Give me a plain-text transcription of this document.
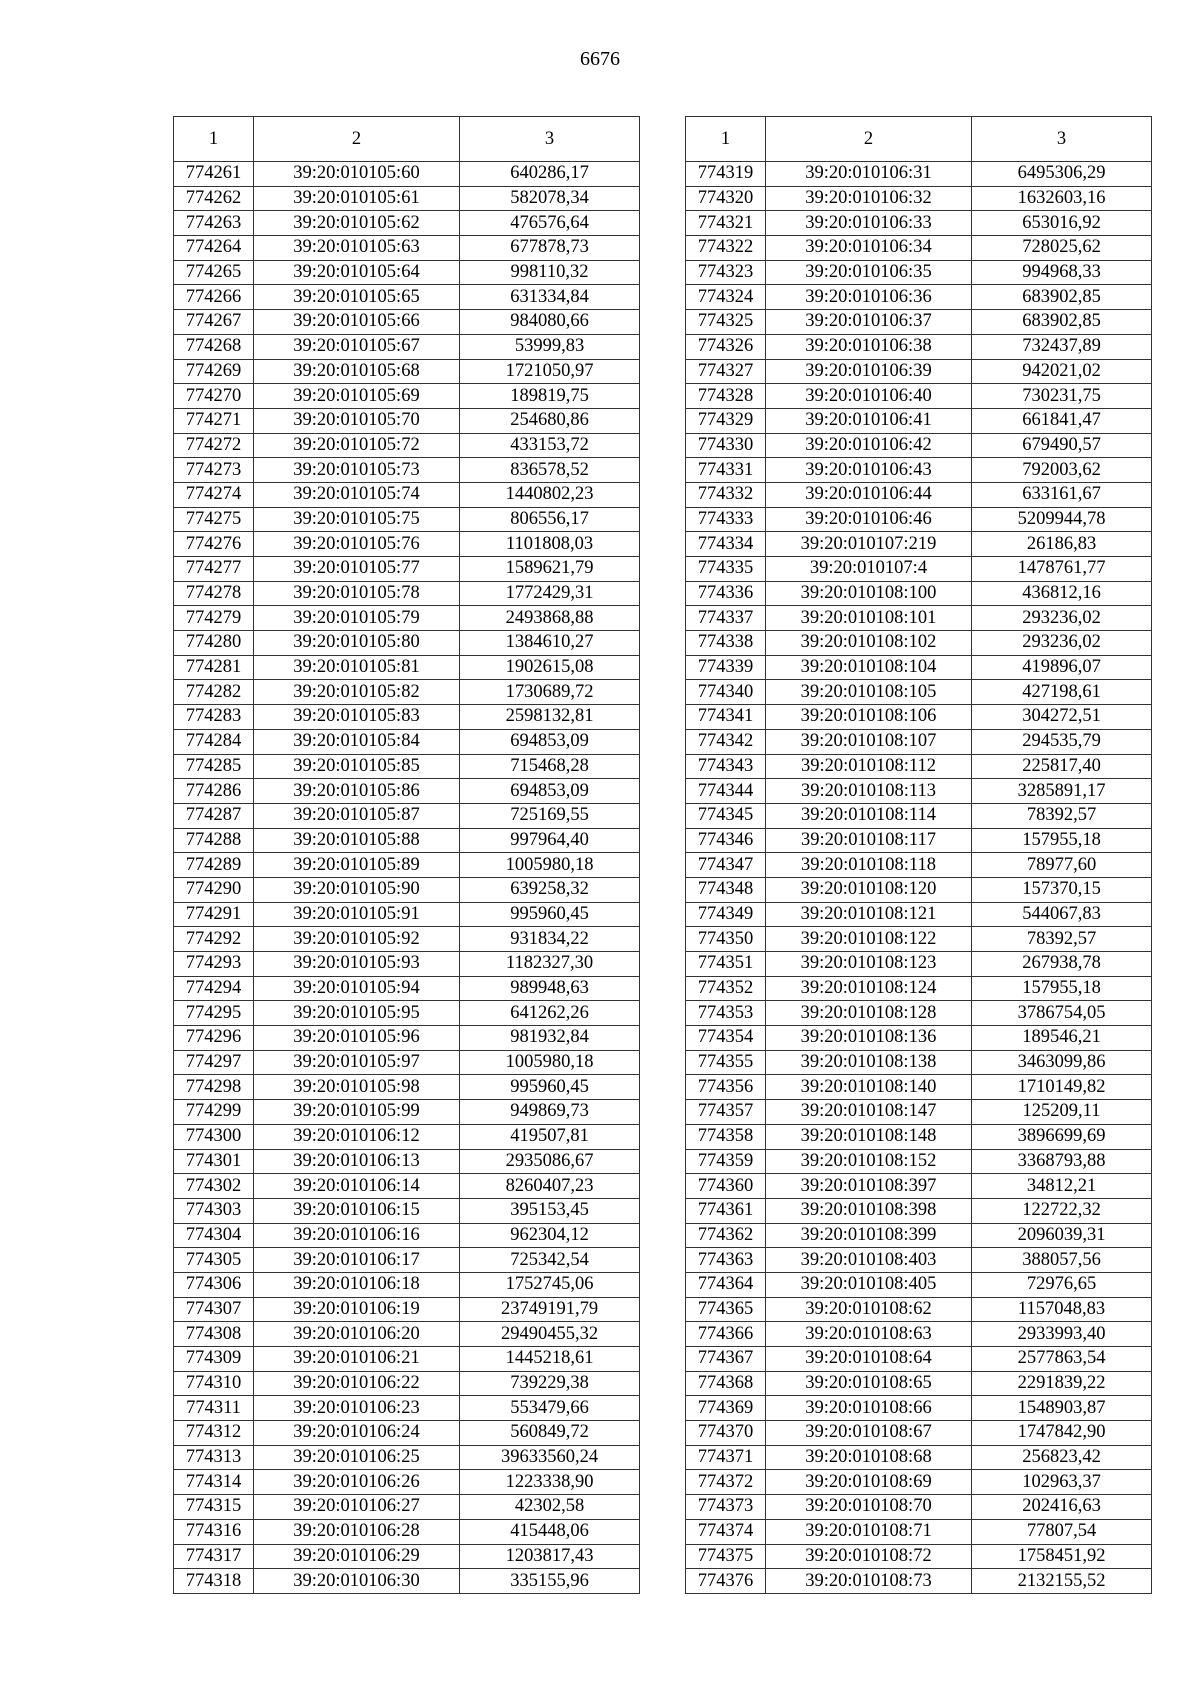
6676
1	2	3
774261	39:20:010105:60	640286,17
774262	39:20:010105:61	582078,34
774263	39:20:010105:62	476576,64
774264	39:20:010105:63	677878,73
774265	39:20:010105:64	998110,32
774266	39:20:010105:65	631334,84
774267	39:20:010105:66	984080,66
774268	39:20:010105:67	53999,83
774269	39:20:010105:68	1721050,97
774270	39:20:010105:69	189819,75
774271	39:20:010105:70	254680,86
774272	39:20:010105:72	433153,72
774273	39:20:010105:73	836578,52
774274	39:20:010105:74	1440802,23
774275	39:20:010105:75	806556,17
774276	39:20:010105:76	1101808,03
774277	39:20:010105:77	1589621,79
774278	39:20:010105:78	1772429,31
774279	39:20:010105:79	2493868,88
774280	39:20:010105:80	1384610,27
774281	39:20:010105:81	1902615,08
774282	39:20:010105:82	1730689,72
774283	39:20:010105:83	2598132,81
774284	39:20:010105:84	694853,09
774285	39:20:010105:85	715468,28
774286	39:20:010105:86	694853,09
774287	39:20:010105:87	725169,55
774288	39:20:010105:88	997964,40
774289	39:20:010105:89	1005980,18
774290	39:20:010105:90	639258,32
774291	39:20:010105:91	995960,45
774292	39:20:010105:92	931834,22
774293	39:20:010105:93	1182327,30
774294	39:20:010105:94	989948,63
774295	39:20:010105:95	641262,26
774296	39:20:010105:96	981932,84
774297	39:20:010105:97	1005980,18
774298	39:20:010105:98	995960,45
774299	39:20:010105:99	949869,73
774300	39:20:010106:12	419507,81
774301	39:20:010106:13	2935086,67
774302	39:20:010106:14	8260407,23
774303	39:20:010106:15	395153,45
774304	39:20:010106:16	962304,12
774305	39:20:010106:17	725342,54
774306	39:20:010106:18	1752745,06
774307	39:20:010106:19	23749191,79
774308	39:20:010106:20	29490455,32
774309	39:20:010106:21	1445218,61
774310	39:20:010106:22	739229,38
774311	39:20:010106:23	553479,66
774312	39:20:010106:24	560849,72
774313	39:20:010106:25	39633560,24
774314	39:20:010106:26	1223338,90
774315	39:20:010106:27	42302,58
774316	39:20:010106:28	415448,06
774317	39:20:010106:29	1203817,43
774318	39:20:010106:30	335155,96
1	2	3
774319	39:20:010106:31	6495306,29
774320	39:20:010106:32	1632603,16
774321	39:20:010106:33	653016,92
774322	39:20:010106:34	728025,62
774323	39:20:010106:35	994968,33
774324	39:20:010106:36	683902,85
774325	39:20:010106:37	683902,85
774326	39:20:010106:38	732437,89
774327	39:20:010106:39	942021,02
774328	39:20:010106:40	730231,75
774329	39:20:010106:41	661841,47
774330	39:20:010106:42	679490,57
774331	39:20:010106:43	792003,62
774332	39:20:010106:44	633161,67
774333	39:20:010106:46	5209944,78
774334	39:20:010107:219	26186,83
774335	39:20:010107:4	1478761,77
774336	39:20:010108:100	436812,16
774337	39:20:010108:101	293236,02
774338	39:20:010108:102	293236,02
774339	39:20:010108:104	419896,07
774340	39:20:010108:105	427198,61
774341	39:20:010108:106	304272,51
774342	39:20:010108:107	294535,79
774343	39:20:010108:112	225817,40
774344	39:20:010108:113	3285891,17
774345	39:20:010108:114	78392,57
774346	39:20:010108:117	157955,18
774347	39:20:010108:118	78977,60
774348	39:20:010108:120	157370,15
774349	39:20:010108:121	544067,83
774350	39:20:010108:122	78392,57
774351	39:20:010108:123	267938,78
774352	39:20:010108:124	157955,18
774353	39:20:010108:128	3786754,05
774354	39:20:010108:136	189546,21
774355	39:20:010108:138	3463099,86
774356	39:20:010108:140	1710149,82
774357	39:20:010108:147	125209,11
774358	39:20:010108:148	3896699,69
774359	39:20:010108:152	3368793,88
774360	39:20:010108:397	34812,21
774361	39:20:010108:398	122722,32
774362	39:20:010108:399	2096039,31
774363	39:20:010108:403	388057,56
774364	39:20:010108:405	72976,65
774365	39:20:010108:62	1157048,83
774366	39:20:010108:63	2933993,40
774367	39:20:010108:64	2577863,54
774368	39:20:010108:65	2291839,22
774369	39:20:010108:66	1548903,87
774370	39:20:010108:67	1747842,90
774371	39:20:010108:68	256823,42
774372	39:20:010108:69	102963,37
774373	39:20:010108:70	202416,63
774374	39:20:010108:71	77807,54
774375	39:20:010108:72	1758451,92
774376	39:20:010108:73	2132155,52
